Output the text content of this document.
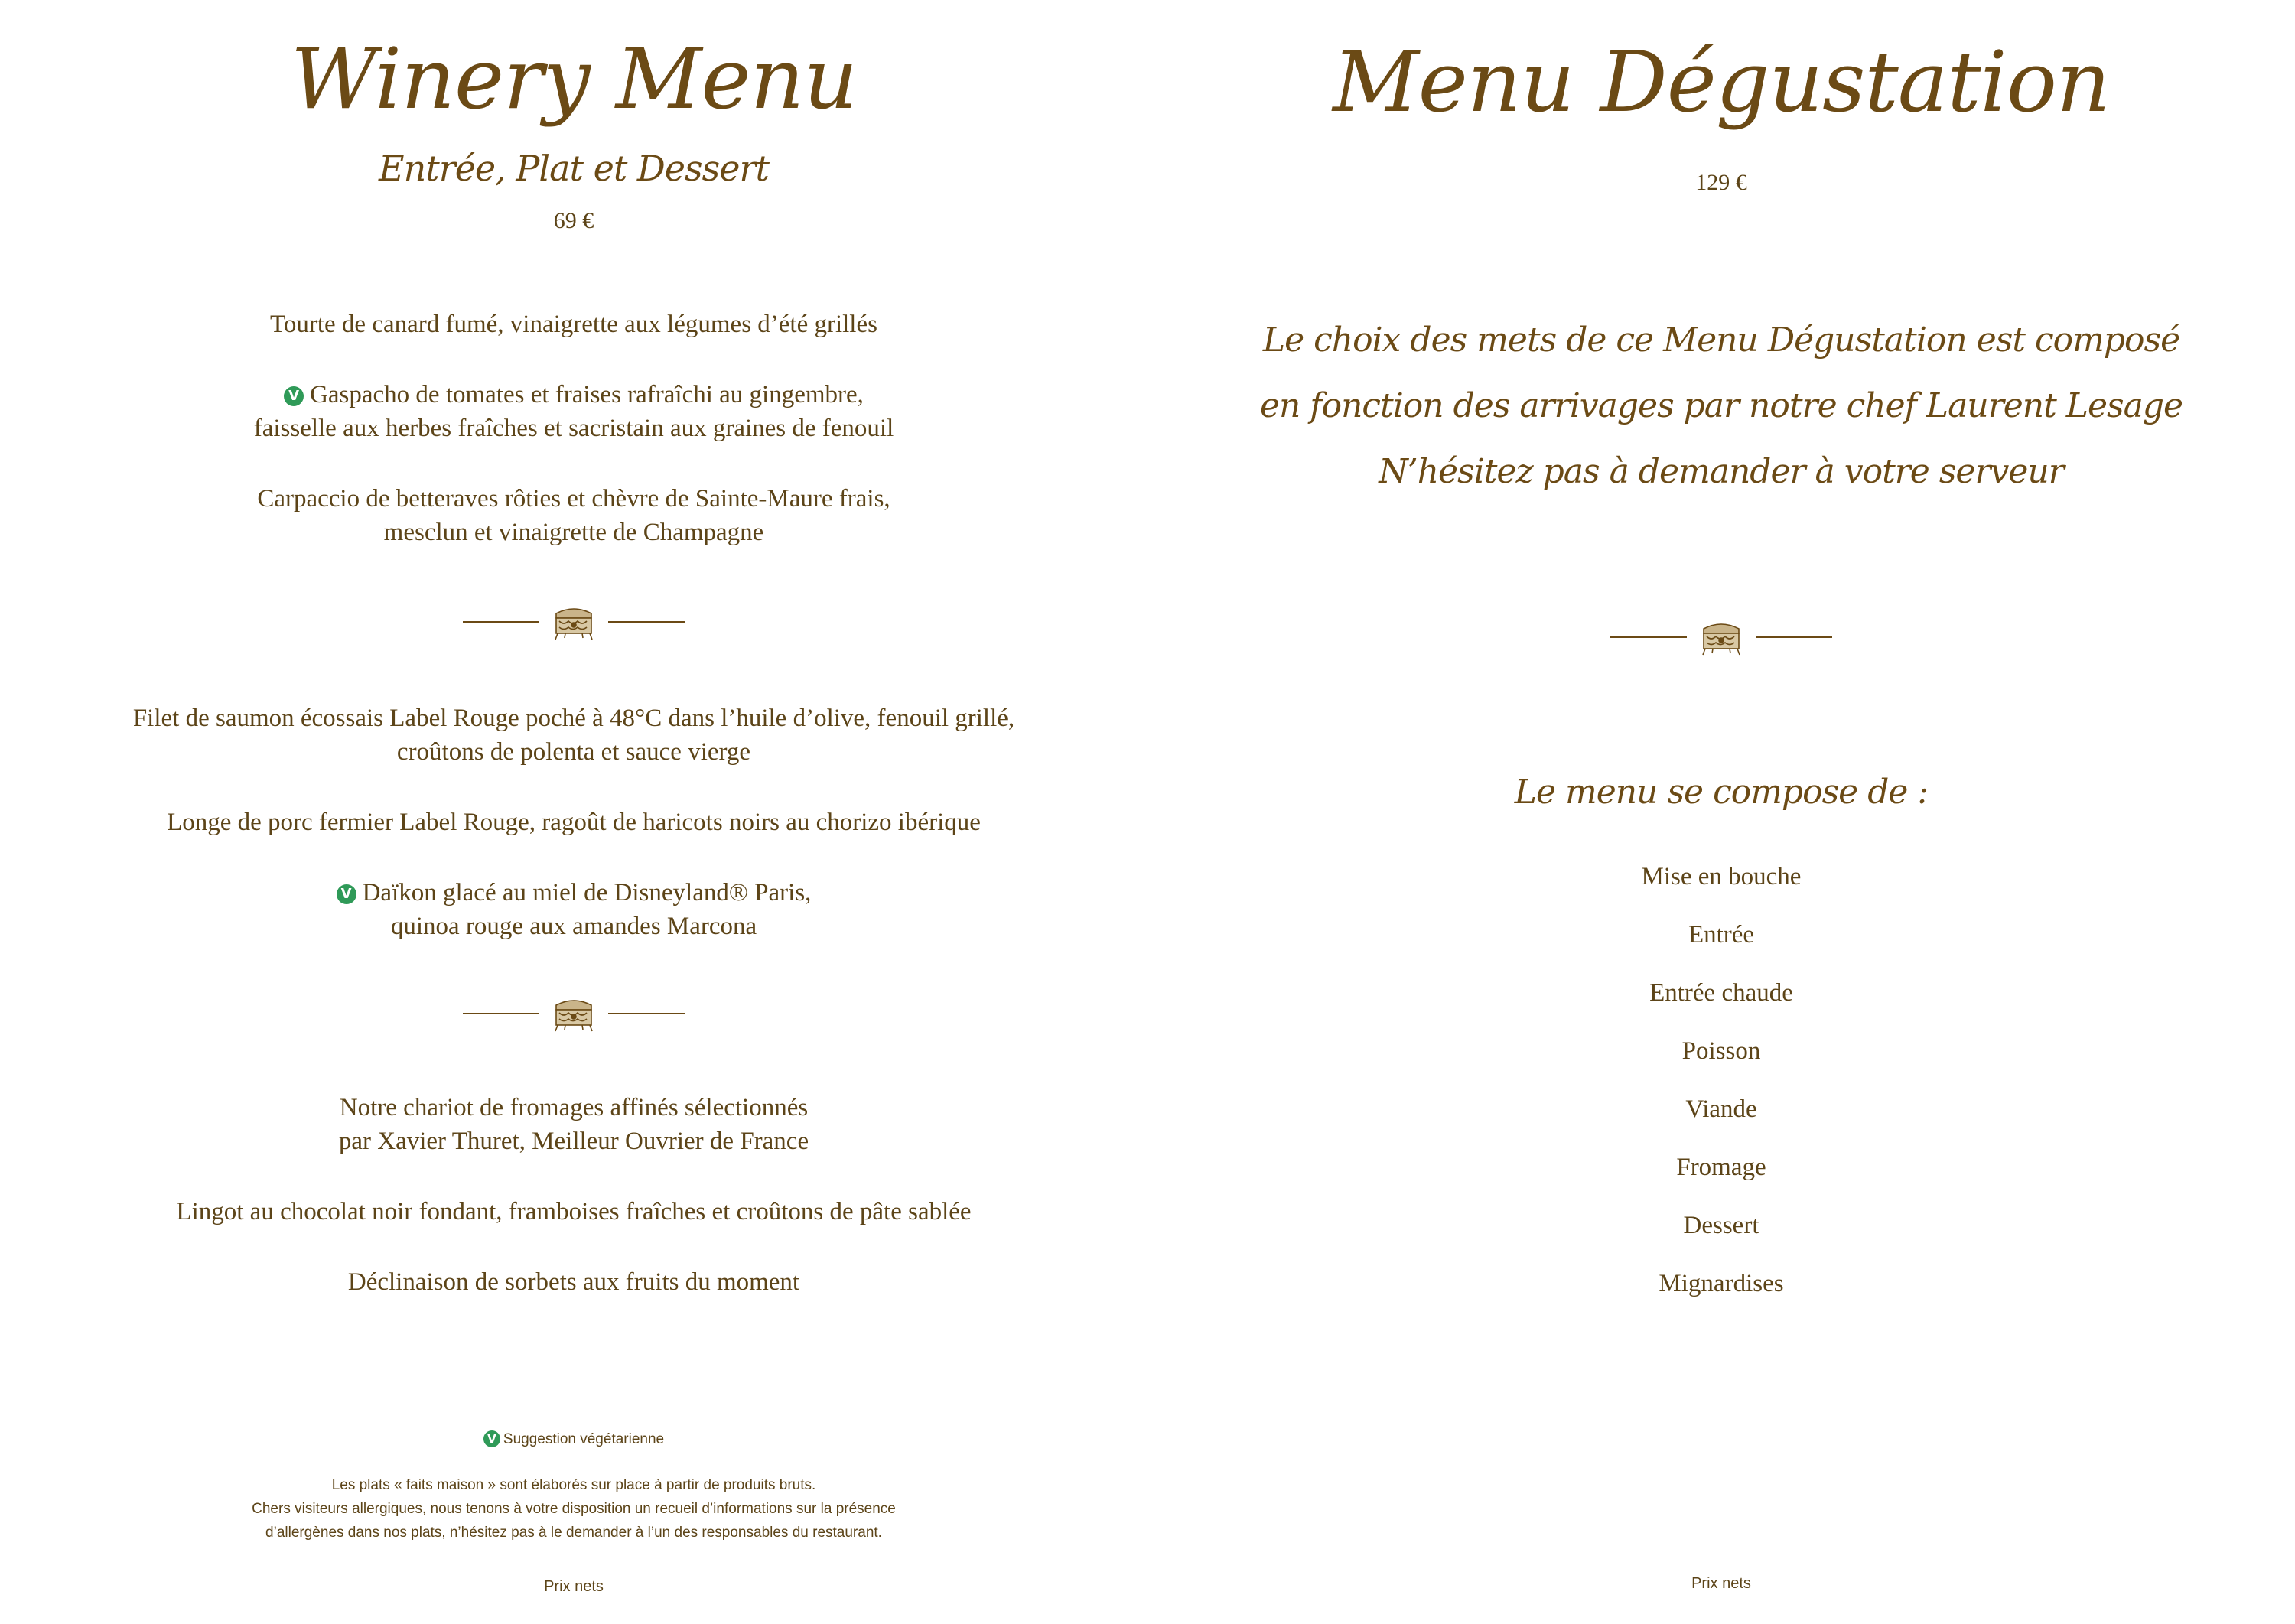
Winery Menu
Entrée, Plat et Dessert
69 €

Tourte de canard fumé, vinaigrette aux légumes d’été grillés

V Gaspacho de tomates et fraises rafraîchi au gingembre,
faisselle aux herbes fraîches et sacristain aux graines de fenouil

Carpaccio de betteraves rôties et chèvre de Sainte-Maure frais,
mesclun et vinaigrette de Champagne

Filet de saumon écossais Label Rouge poché à 48°C dans l’huile d’olive, fenouil grillé,
croûtons de polenta et sauce vierge

Longe de porc fermier Label Rouge, ragoût de haricots noirs au chorizo ibérique

V Daïkon glacé au miel de Disneyland® Paris,
quinoa rouge aux amandes Marcona

Notre chariot de fromages affinés sélectionnés
par Xavier Thuret, Meilleur Ouvrier de France

Lingot au chocolat noir fondant, framboises fraîches et croûtons de pâte sablée

Déclinaison de sorbets aux fruits du moment

V Suggestion végétarienne
Les plats « faits maison » sont élaborés sur place à partir de produits bruts.
Chers visiteurs allergiques, nous tenons à votre disposition un recueil d’informations sur la présence
d’allergènes dans nos plats, n’hésitez pas à le demander à l’un des responsables du restaurant.
Prix nets
Menu Dégustation
129 €
Le choix des mets de ce Menu Dégustation est composé
en fonction des arrivages par notre chef Laurent Lesage
N’hésitez pas à demander à votre serveur
Le menu se compose de :

Mise en bouche

Entrée

Entrée chaude

Poisson

Viande

Fromage

Dessert

Mignardises

Prix nets
